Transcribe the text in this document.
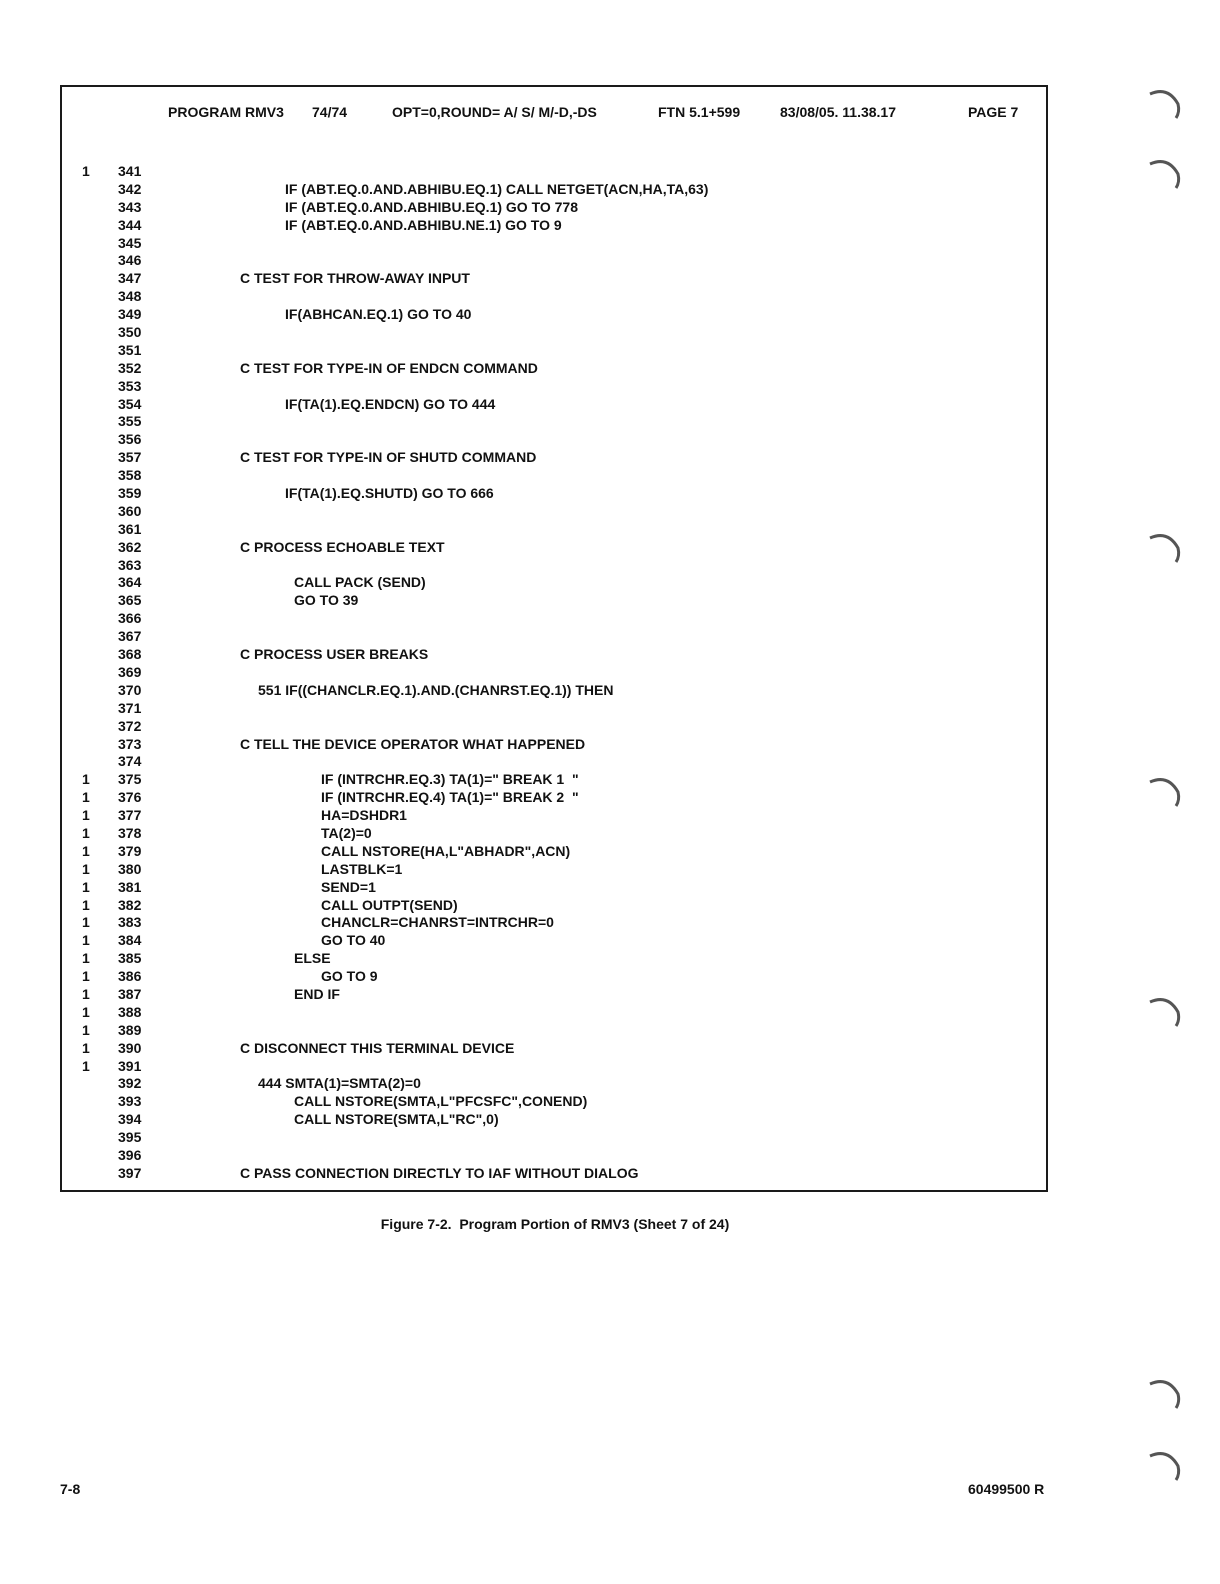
PROGRAM RMV3

74/74

	OPT=0,ROUND= A/ S/ M/-D,-DS

	FTN 5.1+599

	83/08/05. 11.38.17

	PAGE 7

1	341
342	IF (ABT.EQ.0.AND.ABHIBU.EQ.1) CALL NETGET(ACN,HA,TA,63)
343	IF (ABT.EQ.0.AND.ABHIBU.EQ.1) GO TO 778
344	IF (ABT.EQ.0.AND.ABHIBU.NE.1) GO TO 9
345
346
347	C TEST FOR THROW-AWAY INPUT
348
349	IF(ABHCAN.EQ.1) GO TO 40
350
351
352	C TEST FOR TYPE-IN OF ENDCN COMMAND
353
354	IF(TA(1).EQ.ENDCN) GO TO 444
355
356
357	C TEST FOR TYPE-IN OF SHUTD COMMAND
358
359	IF(TA(1).EQ.SHUTD) GO TO 666
360
361
362	C PROCESS ECHOABLE TEXT
363
364	CALL PACK (SEND)
365	GO TO 39
366
367
368	C PROCESS USER BREAKS
369
370	551 IF((CHANCLR.EQ.1).AND.(CHANRST.EQ.1)) THEN
371
372
373	C TELL THE DEVICE OPERATOR WHAT HAPPENED
374
1	375	IF (INTRCHR.EQ.3) TA(1)=" BREAK 1  "
1	376	IF (INTRCHR.EQ.4) TA(1)=" BREAK 2  "
1	377	HA=DSHDR1
1	378	TA(2)=0
1	379	CALL NSTORE(HA,L"ABHADR",ACN)
1	380	LASTBLK=1
1	381	SEND=1
1	382	CALL OUTPT(SEND)
1	383	CHANCLR=CHANRST=INTRCHR=0
1	384	GO TO 40
1	385	ELSE
1	386	GO TO 9
1	387	END IF
1	388
1	389
1	390	C DISCONNECT THIS TERMINAL DEVICE
1	391
392	444 SMTA(1)=SMTA(2)=0
393	CALL NSTORE(SMTA,L"PFCSFC",CONEND)
394	CALL NSTORE(SMTA,L"RC",0)
395
396
397	C PASS CONNECTION DIRECTLY TO IAF WITHOUT DIALOG
Figure 7-2.  Program Portion of RMV3 (Sheet 7 of 24)
7-8	60499500 R
